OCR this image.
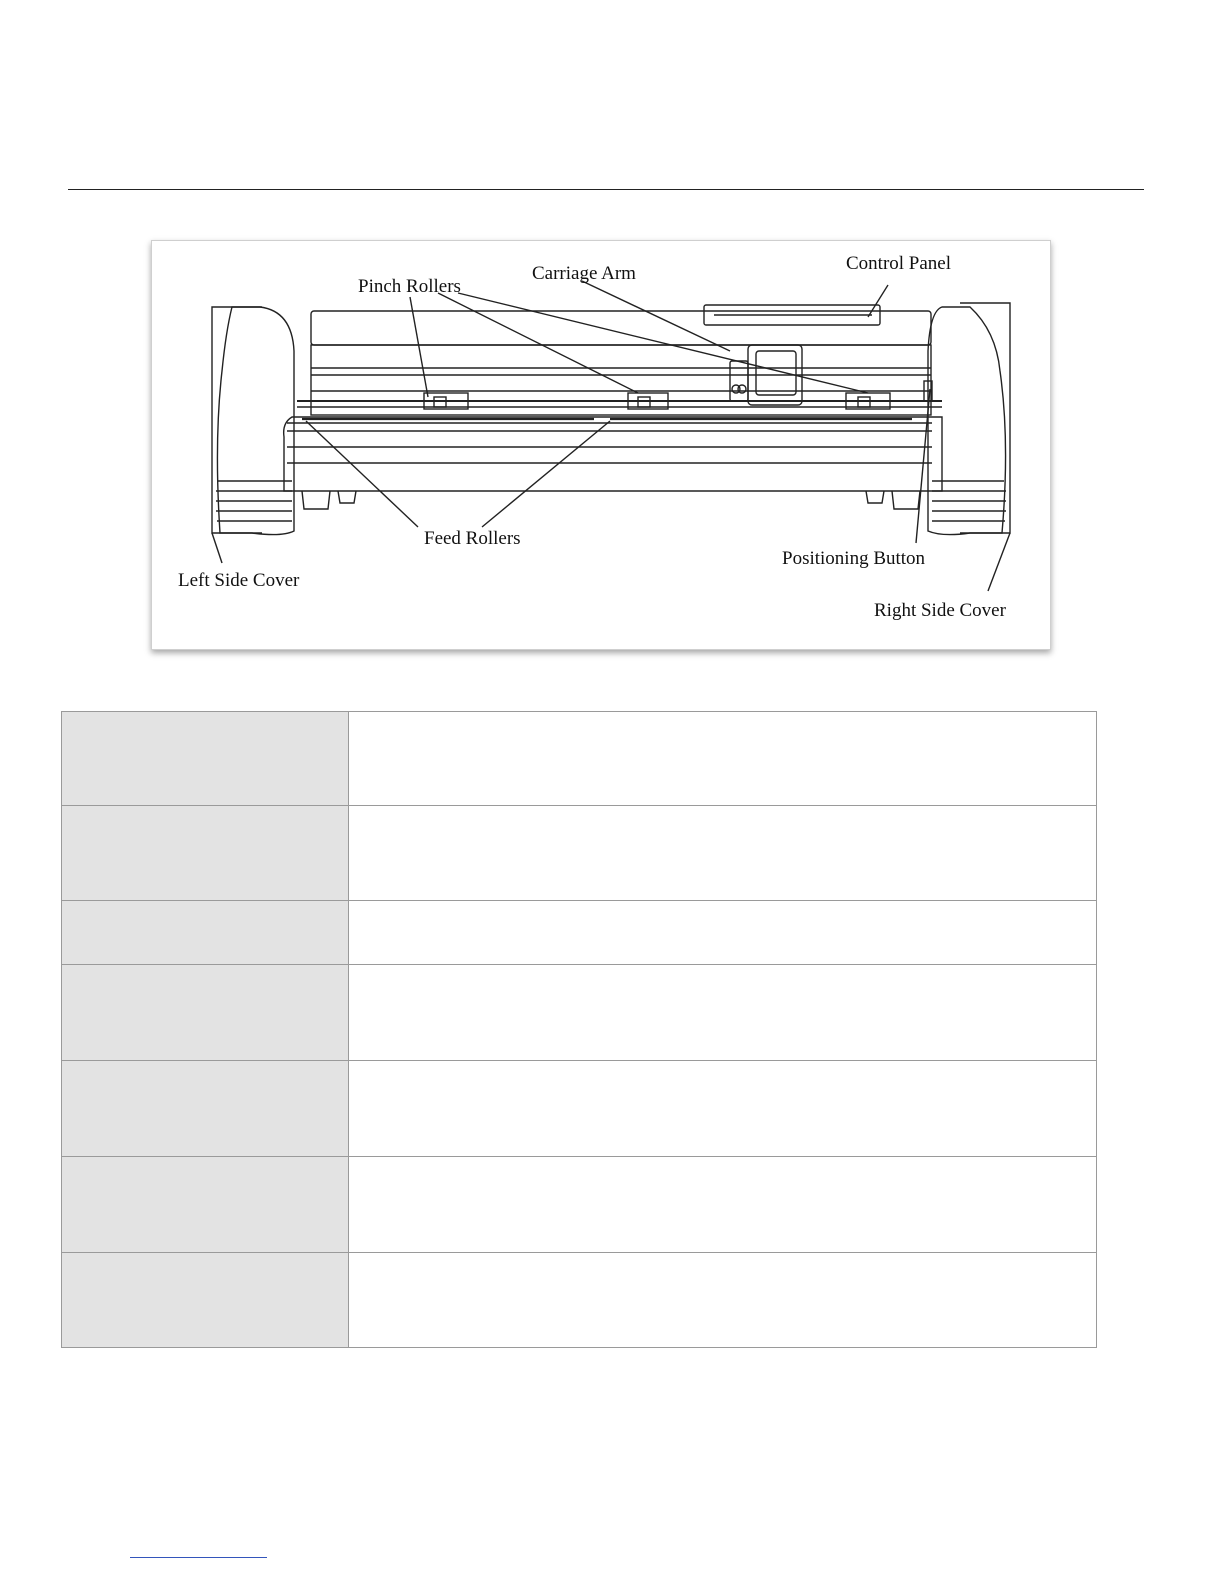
Pinch Rollers
Carriage Arm	Control Panel
Feed Rollers
Positioning Button
Left Side Cover
Right Side Cover
